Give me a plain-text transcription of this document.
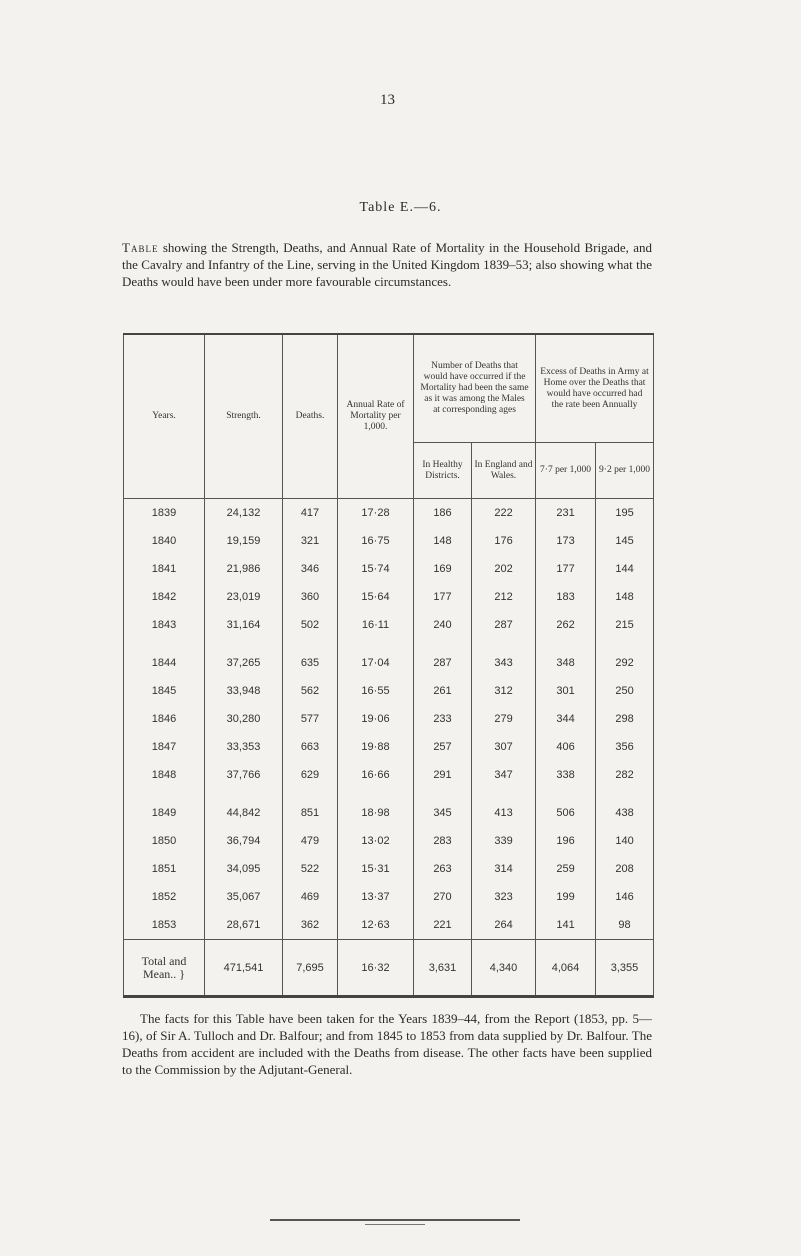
13
Table E.—6.
Table showing the Strength, Deaths, and Annual Rate of Mortality in the Household Brigade, and the Cavalry and Infantry of the Line, serving in the United Kingdom 1839–53; also showing what the Deaths would have been under more favourable circumstances.
Years.	Strength.	Deaths.	Annual Rate of Mortality per 1,000.	Number of Deaths that would have occurred if the Mortality had been the same as it was among the Males at corresponding ages		Excess of Deaths in Army at Home over the Deaths that would have occurred had the rate been Annually	
				In Healthy Districts.	In England and Wales.	7·7 per 1,000	9·2 per 1,000
1839	24,132	417	17·28	186	222	231	195
1840	19,159	321	16·75	148	176	173	145
1841	21,986	346	15·74	169	202	177	144
1842	23,019	360	15·64	177	212	183	148
1843	31,164	502	16·11	240	287	262	215
1844	37,265	635	17·04	287	343	348	292
1845	33,948	562	16·55	261	312	301	250
1846	30,280	577	19·06	233	279	344	298
1847	33,353	663	19·88	257	307	406	356
1848	37,766	629	16·66	291	347	338	282
1849	44,842	851	18·98	345	413	506	438
1850	36,794	479	13·02	283	339	196	140
1851	34,095	522	15·31	263	314	259	208
1852	35,067	469	13·37	270	323	199	146
1853	28,671	362	12·63	221	264	141	98
Total and Mean.. }	471,541	7,695	16·32	3,631	4,340	4,064	3,355
The facts for this Table have been taken for the Years 1839–44, from the Report (1853, pp. 5—16), of Sir A. Tulloch and Dr. Balfour; and from 1845 to 1853 from data supplied by Dr. Balfour. The Deaths from accident are included with the Deaths from disease. The other facts have been supplied to the Commission by the Adjutant-General.
